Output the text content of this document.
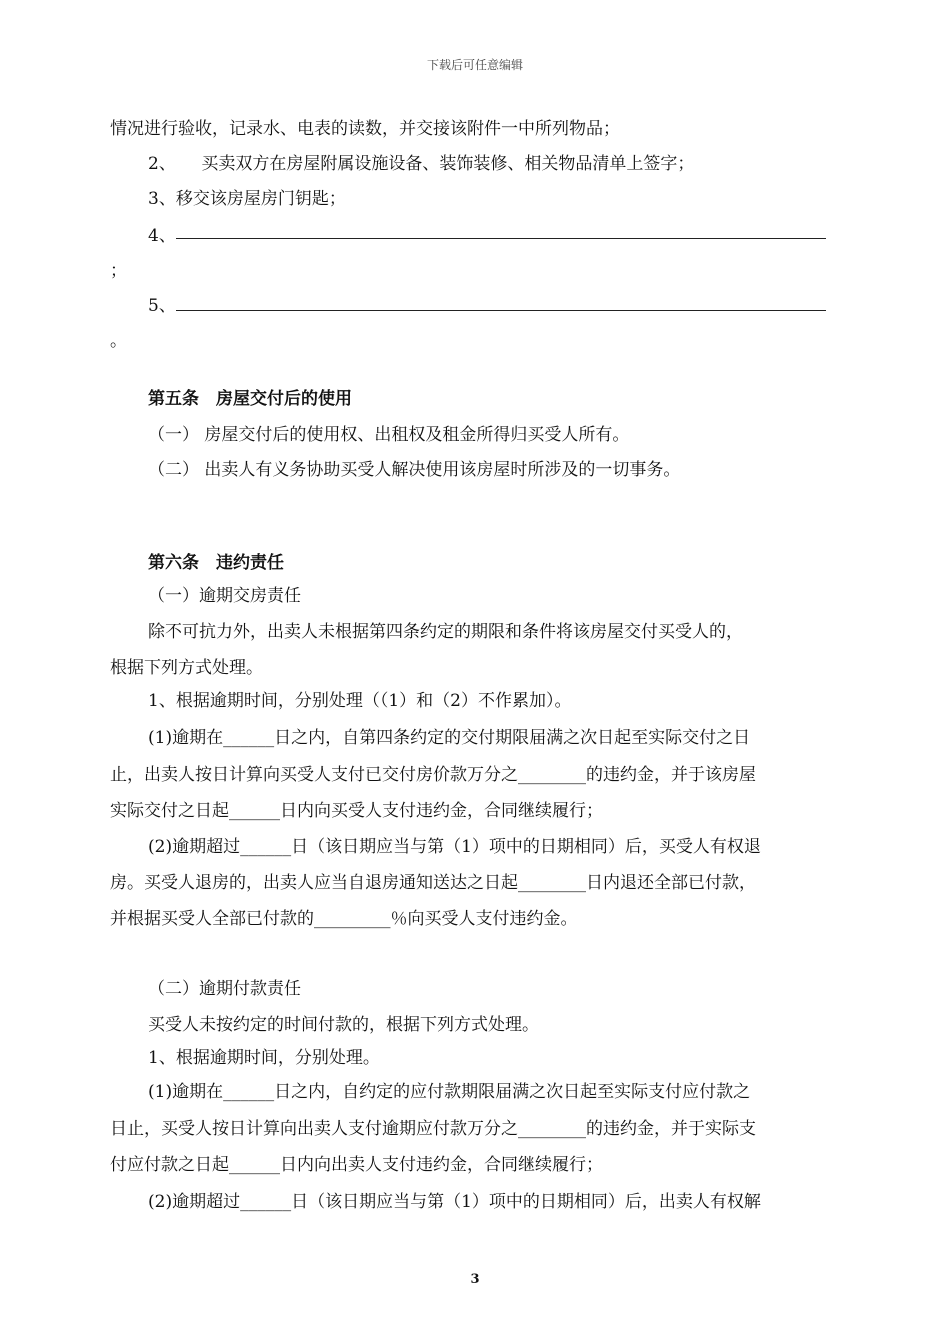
下载后可任意编辑
情况进行验收，记录水、电表的读数，并交接该附件一中所列物品；
2、　　买卖双方在房屋附属设施设备、装饰装修、相关物品清单上签字；
3、移交该房屋房门钥匙；
4、
；
5、
。
第五条　房屋交付后的使用
（一） 房屋交付后的使用权、出租权及租金所得归买受人所有。
（二） 出卖人有义务协助买受人解决使用该房屋时所涉及的一切事务。
第六条　违约责任
（一）逾期交房责任
除不可抗力外，出卖人未根据第四条约定的期限和条件将该房屋交付买受人的，
根据下列方式处理。
1、根据逾期时间，分别处理（（1）和（2）不作累加）。
(1)逾期在______日之内，自第四条约定的交付期限届满之次日起至实际交付之日
止，出卖人按日计算向买受人支付已交付房价款万分之________的违约金，并于该房屋
实际交付之日起______日内向买受人支付违约金，合同继续履行；
(2)逾期超过______日（该日期应当与第（1）项中的日期相同）后，买受人有权退
房。买受人退房的，出卖人应当自退房通知送达之日起________日内退还全部已付款，
并根据买受人全部已付款的_________％向买受人支付违约金。
（二）逾期付款责任
买受人未按约定的时间付款的，根据下列方式处理。
1、根据逾期时间，分别处理。
(1)逾期在______日之内，自约定的应付款期限届满之次日起至实际支付应付款之
日止，买受人按日计算向出卖人支付逾期应付款万分之________的违约金，并于实际支
付应付款之日起______日内向出卖人支付违约金，合同继续履行；
(2)逾期超过______日（该日期应当与第（1）项中的日期相同）后，出卖人有权解
3
